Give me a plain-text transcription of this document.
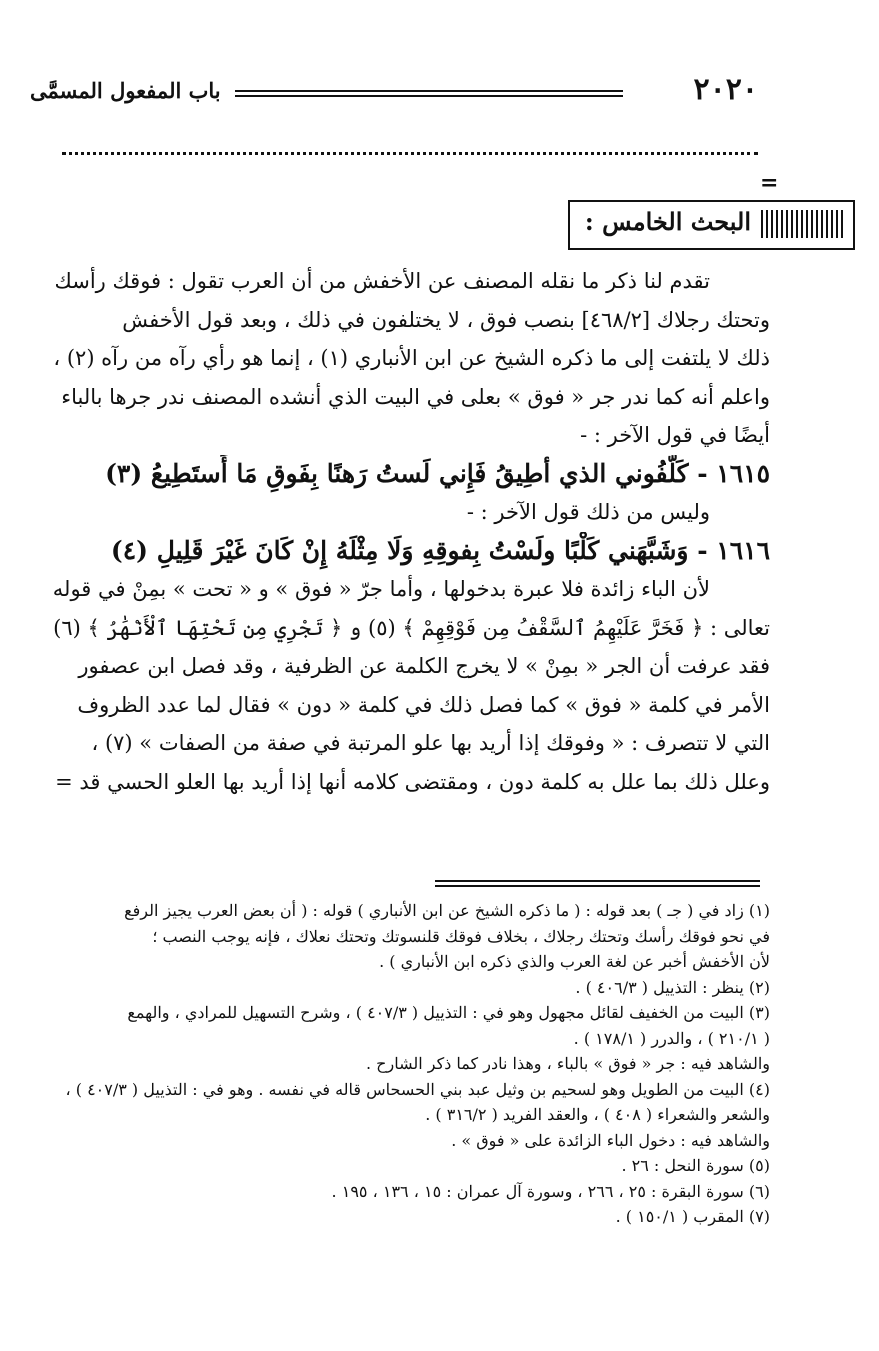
٢٠٢٠
باب المفعول المسمَّى
=
البحث الخامس :
تقدم لنا ذكر ما نقله المصنف عن الأخفش من أن العرب تقول : فوقك رأسك
وتحتك رجلاك [٤٦٨/٢] بنصب فوق ، لا يختلفون في ذلك ، وبعد قول الأخفش
ذلك لا يلتفت إلى ما ذكره الشيخ عن ابن الأنباري (١) ، إنما هو رأي رآه من رآه (٢) ،
واعلم أنه كما ندر جر « فوق » بعلى في البيت الذي أنشده المصنف ندر جرها بالباء
أيضًا في قول الآخر : -
١٦١٥ - كَلَّفُوني الذي أطِيقُ فَإِني لَستُ رَهنًا بِفَوقِ مَا أَستَطِيعُ (٣)
وليس من ذلك قول الآخر : -
١٦١٦ - وَشَبَّهَني كَلْبًا ولَسْتُ بِفوقِهِ وَلَا مِثْلَهُ إِنْ كَانَ غَيْرَ قَلِيلِ (٤)
لأن الباء زائدة فلا عبرة بدخولها ، وأما جرّ « فوق » و « تحت » بمِنْ في قوله
تعالى : ﴿ فَخَرَّ عَلَيْهِمُ ٱلسَّقْفُ مِن فَوْقِهِمْ ﴾ (٥) و ﴿ تَجْرِي مِن تَحْتِهَا ٱلْأَنْهَٰرُ ﴾ (٦)
فقد عرفت أن الجر « بمِنْ » لا يخرج الكلمة عن الظرفية ، وقد فصل ابن عصفور
الأمر في كلمة « فوق » كما فصل ذلك في كلمة « دون » فقال لما عدد الظروف
التي لا تتصرف : « وفوقك إذا أريد بها علو المرتبة في صفة من الصفات » (٧) ،
وعلل ذلك بما علل به كلمة دون ، ومقتضى كلامه أنها إذا أريد بها العلو الحسي قد =
(١) زاد في ( جـ ) بعد قوله : ( ما ذكره الشيخ عن ابن الأنباري ) قوله : ( أن بعض العرب يجيز الرفع
في نحو فوقك رأسك وتحتك رجلاك ، بخلاف فوقك قلنسوتك وتحتك نعلاك ، فإنه يوجب النصب ؛
لأن الأخفش أخبر عن لغة العرب والذي ذكره ابن الأنباري ) .
(٢) ينظر : التذييل ( ٤٠٦/٣ ) .
(٣) البيت من الخفيف لقائل مجهول وهو في : التذييل ( ٤٠٧/٣ ) ، وشرح التسهيل للمرادي ، والهمع
( ٢١٠/١ ) ، والدرر ( ١٧٨/١ ) .
والشاهد فيه : جر « فوق » بالباء ، وهذا نادر كما ذكر الشارح .
(٤) البيت من الطويل وهو لسحيم بن وثيل عبد بني الحسحاس قاله في نفسه . وهو في : التذييل ( ٤٠٧/٣ ) ،
والشعر والشعراء ( ٤٠٨ ) ، والعقد الفريد ( ٣١٦/٢ ) .
والشاهد فيه : دخول الباء الزائدة على « فوق » .
(٥) سورة النحل : ٢٦ .
(٦) سورة البقرة : ٢٥ ، ٢٦٦ ، وسورة آل عمران : ١٥ ، ١٣٦ ، ١٩٥ .
(٧) المقرب ( ١٥٠/١ ) .
